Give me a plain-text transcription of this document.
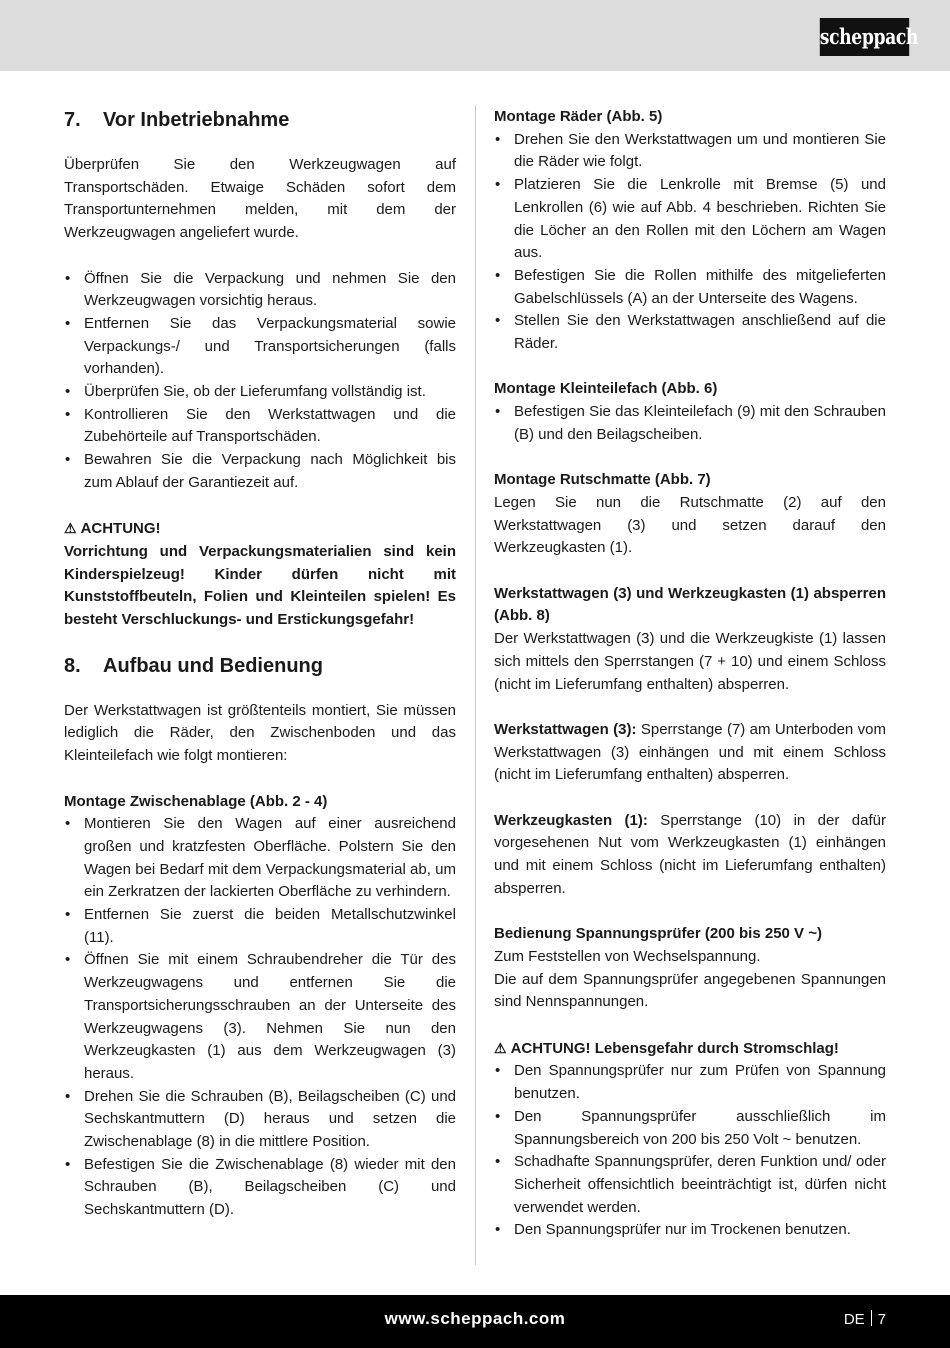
scheppach
7.	Vor Inbetriebnahme

Überprüfen Sie den Werkzeugwagen auf Transportschäden. Etwaige Schäden sofort dem Transportunternehmen melden, mit dem der Werkzeugwagen angeliefert wurde.

• Öffnen Sie die Verpackung und nehmen Sie den Werkzeugwagen vorsichtig heraus.
• Entfernen Sie das Verpackungsmaterial sowie Verpackungs-/ und Transportsicherungen (falls vorhanden).
• Überprüfen Sie, ob der Lieferumfang vollständig ist.
• Kontrollieren Sie den Werkstattwagen und die Zubehörteile auf Transportschäden.
• Bewahren Sie die Verpackung nach Möglichkeit bis zum Ablauf der Garantiezeit auf.

⚠ ACHTUNG!

Vorrichtung und Verpackungsmaterialien sind kein Kinderspielzeug! Kinder dürfen nicht mit Kunststoffbeuteln, Folien und Kleinteilen spielen! Es besteht Verschluckungs- und Erstickungsgefahr!

8.	Aufbau und Bedienung

Der Werkstattwagen ist größtenteils montiert, Sie müssen lediglich die Räder, den Zwischenboden und das Kleinteilefach wie folgt montieren:

Montage Zwischenablage (Abb. 2 - 4)

• Montieren Sie den Wagen auf einer ausreichend großen und kratzfesten Oberfläche. Polstern Sie den Wagen bei Bedarf mit dem Verpackungsmaterial ab, um ein Zerkratzen der lackierten Oberfläche zu verhindern.
• Entfernen Sie zuerst die beiden Metallschutzwinkel (11).
• Öffnen Sie mit einem Schraubendreher die Tür des Werkzeugwagens und entfernen Sie die Transportsicherungsschrauben an der Unterseite des Werkzeugwagens (3). Nehmen Sie nun den Werkzeugkasten (1) aus dem Werkzeugwagen (3) heraus.
• Drehen Sie die Schrauben (B), Beilagscheiben (C) und Sechskantmuttern (D) heraus und setzen die Zwischenablage (8) in die mittlere Position.
• Befestigen Sie die Zwischenablage (8) wieder mit den Schrauben (B), Beilagscheiben (C) und Sechskantmuttern (D).

Montage Räder (Abb. 5)

• Drehen Sie den Werkstattwagen um und montieren Sie die Räder wie folgt.
• Platzieren Sie die Lenkrolle mit Bremse (5) und Lenkrollen (6) wie auf Abb. 4 beschrieben. Richten Sie die Löcher an den Rollen mit den Löchern am Wagen aus.
• Befestigen Sie die Rollen mithilfe des mitgelieferten Gabelschlüssels (A) an der Unterseite des Wagens.
• Stellen Sie den Werkstattwagen anschließend auf die Räder.

Montage Kleinteilefach (Abb. 6)

• Befestigen Sie das Kleinteilefach (9) mit den Schrauben (B) und den Beilagscheiben.

Montage Rutschmatte (Abb. 7)

Legen Sie nun die Rutschmatte (2) auf den Werkstattwagen (3) und setzen darauf den Werkzeugkasten (1).

Werkstattwagen (3) und Werkzeugkasten (1) absperren (Abb. 8)

Der Werkstattwagen (3) und die Werkzeugkiste (1) lassen sich mittels den Sperrstangen (7 + 10) und einem Schloss (nicht im Lieferumfang enthalten) absperren.

Werkstattwagen (3): Sperrstange (7) am Unterboden vom Werkstattwagen (3) einhängen und mit einem Schloss (nicht im Lieferumfang enthalten) absperren.

Werkzeugkasten (1): Sperrstange (10) in der dafür vorgesehenen Nut vom Werkzeugkasten (1) einhängen und mit einem Schloss (nicht im Lieferumfang enthalten) absperren.

Bedienung Spannungsprüfer (200 bis 250 V ~)

Zum Feststellen von Wechselspannung.

Die auf dem Spannungsprüfer angegebenen Spannungen sind Nennspannungen.

⚠ ACHTUNG! Lebensgefahr durch Stromschlag!

• Den Spannungsprüfer nur zum Prüfen von Spannung benutzen.
• Den Spannungsprüfer ausschließlich im Spannungsbereich von 200 bis 250 Volt ~ benutzen.
• Schadhafte Spannungsprüfer, deren Funktion und/ oder Sicherheit offensichtlich beeinträchtigt ist, dürfen nicht verwendet werden.
• Den Spannungsprüfer nur im Trockenen benutzen.
www.scheppach.com	DE 7
